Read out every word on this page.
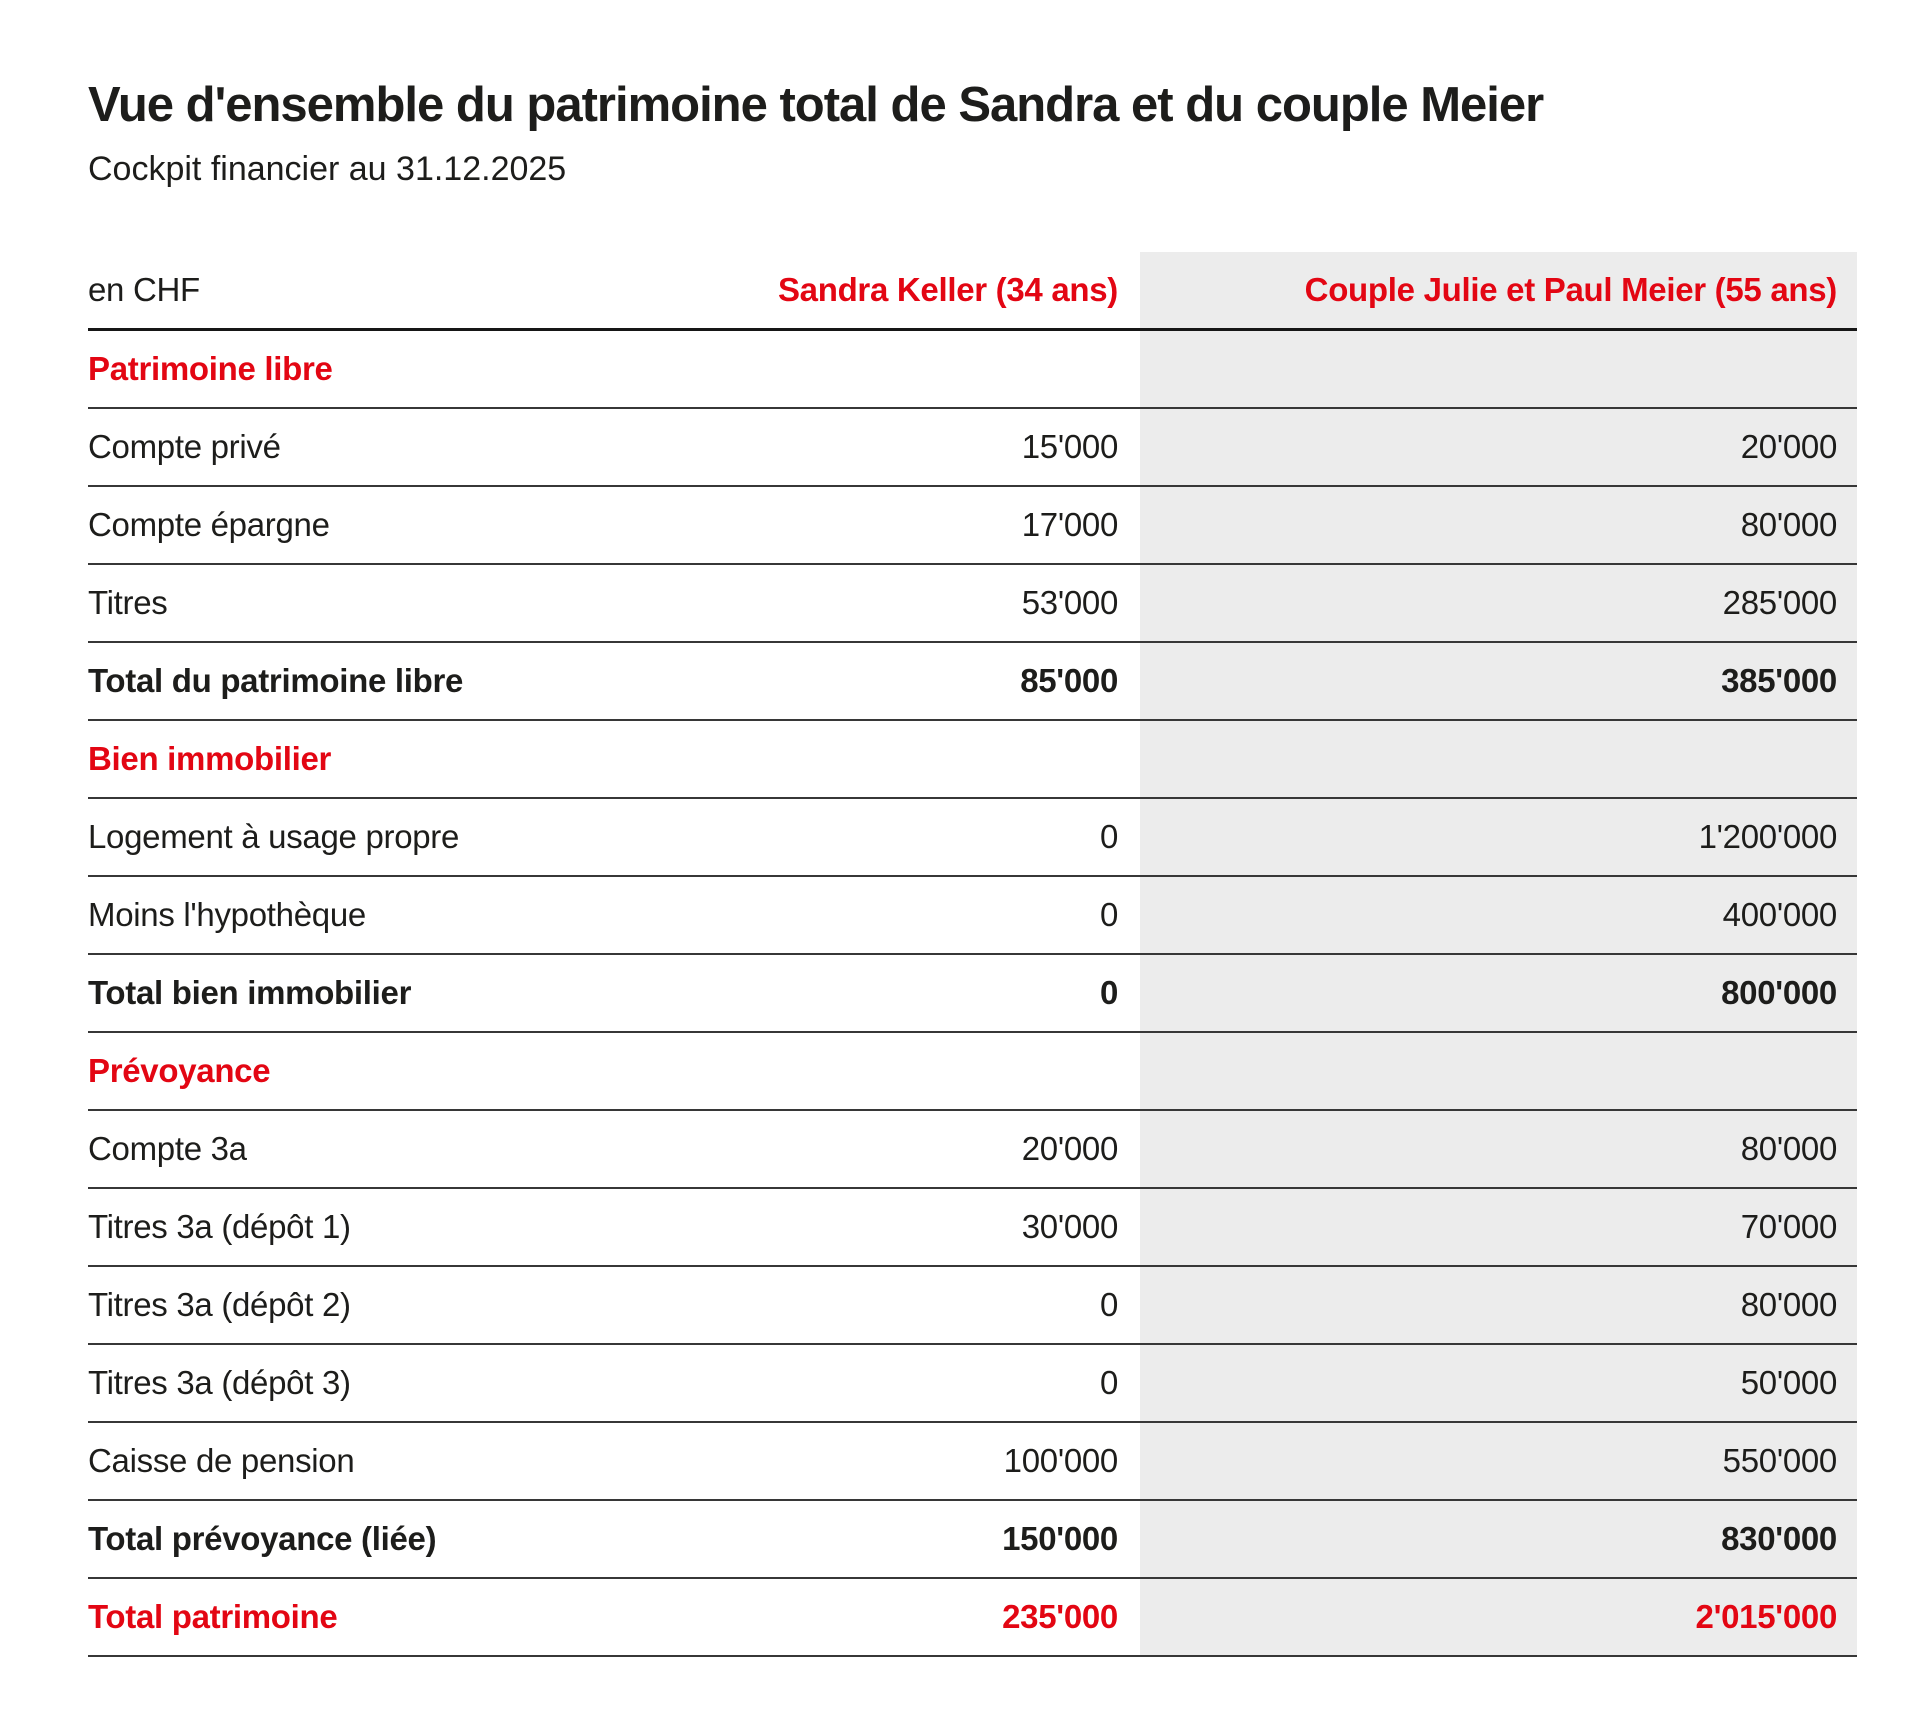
Vue d'ensemble du patrimoine total de Sandra et du couple Meier

Cockpit financier au 31.12.2025

en CHF	Sandra Keller (34 ans)	Couple Julie et Paul Meier (55 ans)
Patrimoine libre
Compte privé	15'000	20'000
Compte épargne	17'000	80'000
Titres	53'000	285'000
Total du patrimoine libre	85'000	385'000
Bien immobilier
Logement à usage propre	0	1'200'000
Moins l'hypothèque	0	400'000
Total bien immobilier	0	800'000
Prévoyance
Compte 3a	20'000	80'000
Titres 3a (dépôt 1)	30'000	70'000
Titres 3a (dépôt 2)	0	80'000
Titres 3a (dépôt 3)	0	50'000
Caisse de pension	100'000	550'000
Total prévoyance (liée)	150'000	830'000
Total patrimoine	235'000	2'015'000
